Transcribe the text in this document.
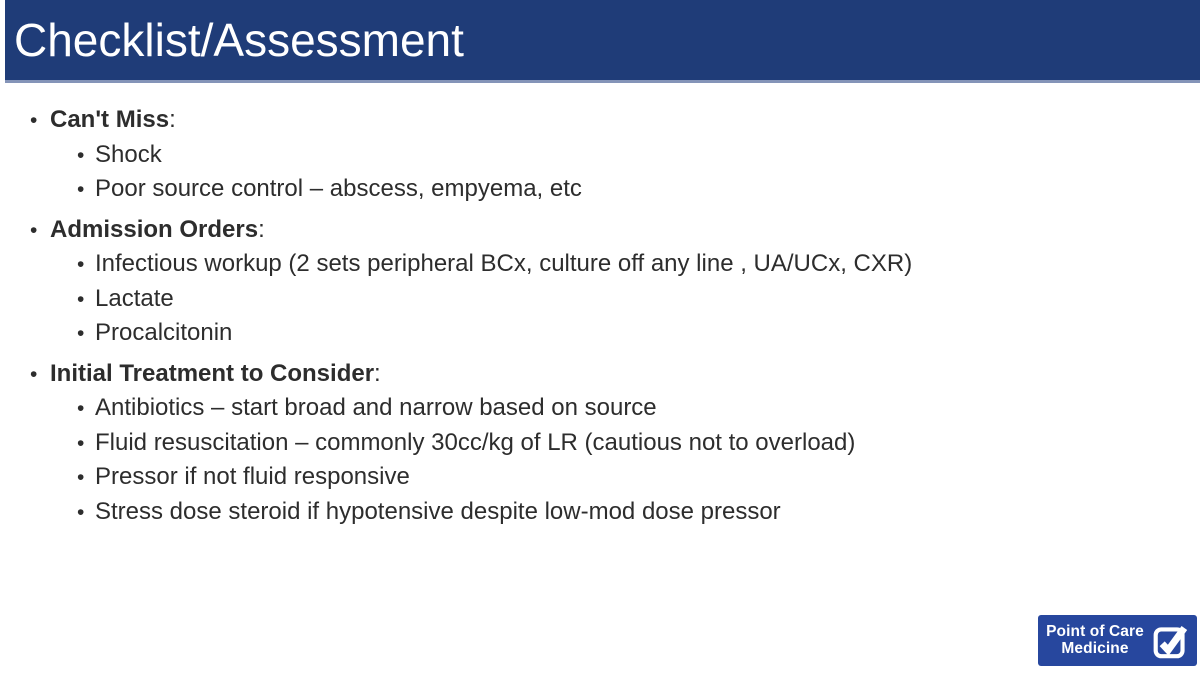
Checklist/Assessment
• Can't Miss :
• Shock
• Poor source control – abscess, empyema, etc
• Admission Orders :
• Infectious workup (2 sets peripheral BCx, culture off any line , UA/UCx, CXR)
• Lactate
• Procalcitonin
• Initial Treatment to Consider :
• Antibiotics – start broad and narrow based on source
• Fluid resuscitation – commonly 30cc/kg of LR (cautious not to overload)
• Pressor if not fluid responsive
• Stress dose steroid if hypotensive despite low-mod dose pressor
Point of Care
Medicine
